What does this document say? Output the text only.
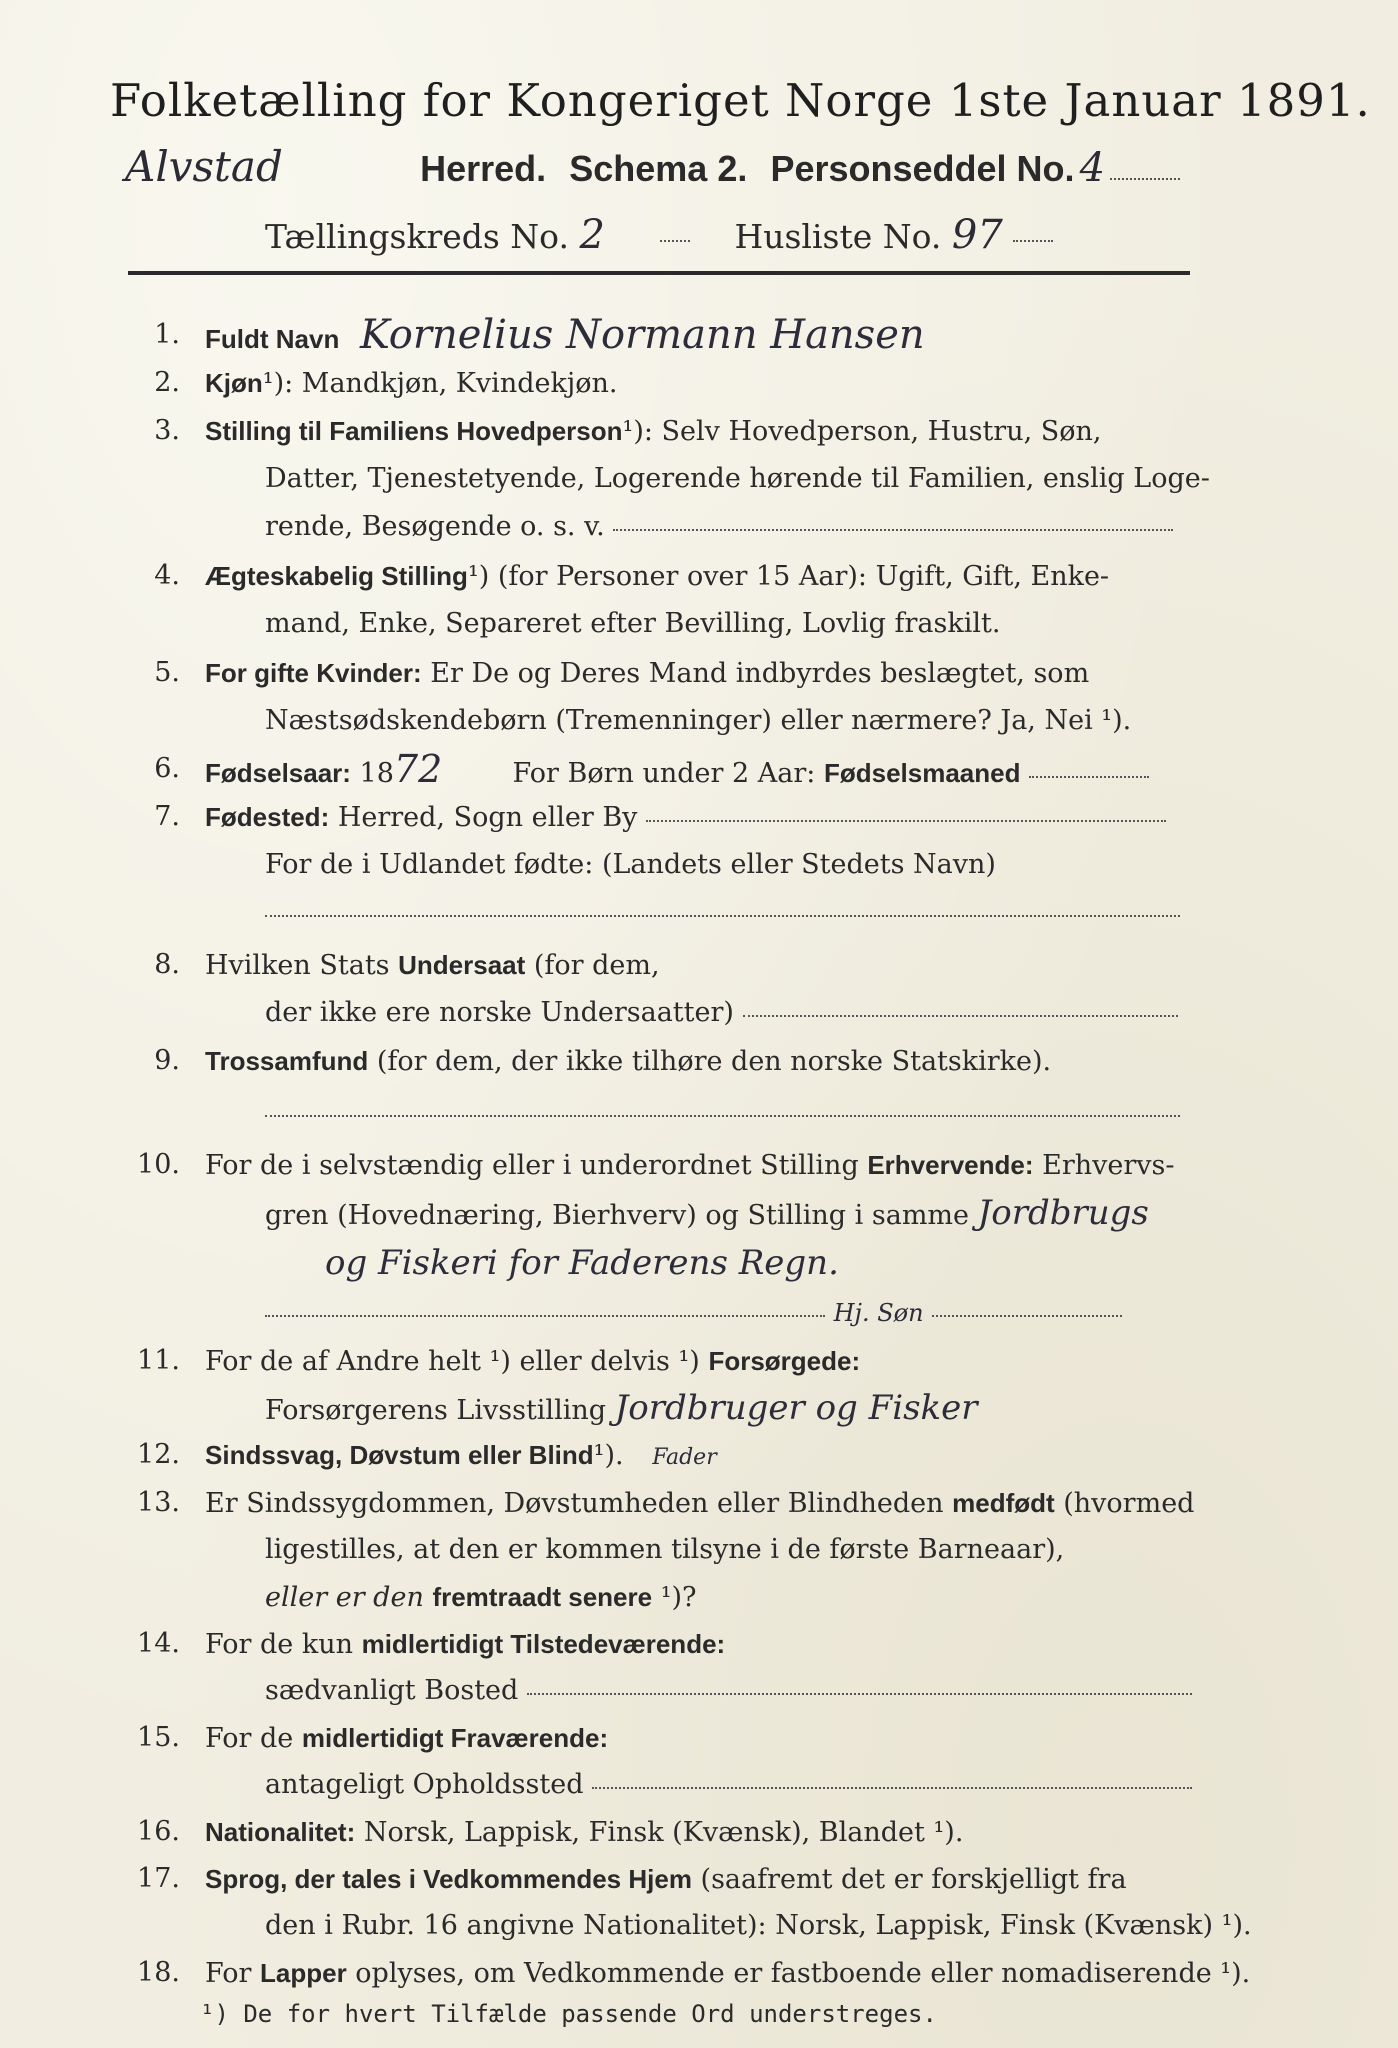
Folketælling for Kongeriget Norge 1ste Januar 1891.
Alvstad	Herred. Schema 2. Personseddel No. 4
Tællingskreds No. 2	Husliste No. 97
1. Fuldt Navn Kornelius Normann Hansen
2. Kjøn¹): Mandkjøn, Kvindekjøn.
3. Stilling til Familiens Hovedperson¹): Selv Hovedperson, Hustru, Søn,
Datter, Tjenestetyende, Logerende hørende til Familien, enslig Loge-
rende, Besøgende o. s. v.
4. Ægteskabelig Stilling¹) (for Personer over 15 Aar): Ugift, Gift, Enke-
mand, Enke, Separeret efter Bevilling, Lovlig fraskilt.
5. For gifte Kvinder: Er De og Deres Mand indbyrdes beslægtet, som
Næstsødskendebørn (Tremenninger) eller nærmere? Ja, Nei ¹).
6. Fødselsaar: 1872	For Børn under 2 Aar: Fødselsmaaned
7. Fødested: Herred, Sogn eller By
For de i Udlandet fødte: (Landets eller Stedets Navn)
8. Hvilken Stats Undersaat (for dem,
der ikke ere norske Undersaatter)
9. Trossamfund (for dem, der ikke tilhøre den norske Statskirke).
10. For de i selvstændig eller i underordnet Stilling Erhvervende: Erhvervs-
gren (Hovednæring, Bierhverv) og Stilling i samme Jordbrugs
og Fiskeri for Faderens Regn.
Hj. Søn
11. For de af Andre helt ¹) eller delvis ¹) Forsørgede:
Forsørgerens Livsstilling Jordbruger og Fisker
12. Sindssvag, Døvstum eller Blind¹). Fader
13. Er Sindssygdommen, Døvstumheden eller Blindheden medfødt (hvormed
ligestilles, at den er kommen tilsyne i de første Barneaar),
eller er den fremtraadt senere ¹)?
14. For de kun midlertidigt Tilstedeværende:
sædvanligt Bosted
15. For de midlertidigt Fraværende:
antageligt Opholdssted
16. Nationalitet: Norsk, Lappisk, Finsk (Kvænsk), Blandet ¹).
17. Sprog, der tales i Vedkommendes Hjem (saafremt det er forskjelligt fra
den i Rubr. 16 angivne Nationalitet): Norsk, Lappisk, Finsk (Kvænsk) ¹).
18. For Lapper oplyses, om Vedkommende er fastboende eller nomadiserende ¹).
¹) De for hvert Tilfælde passende Ord understreges.
